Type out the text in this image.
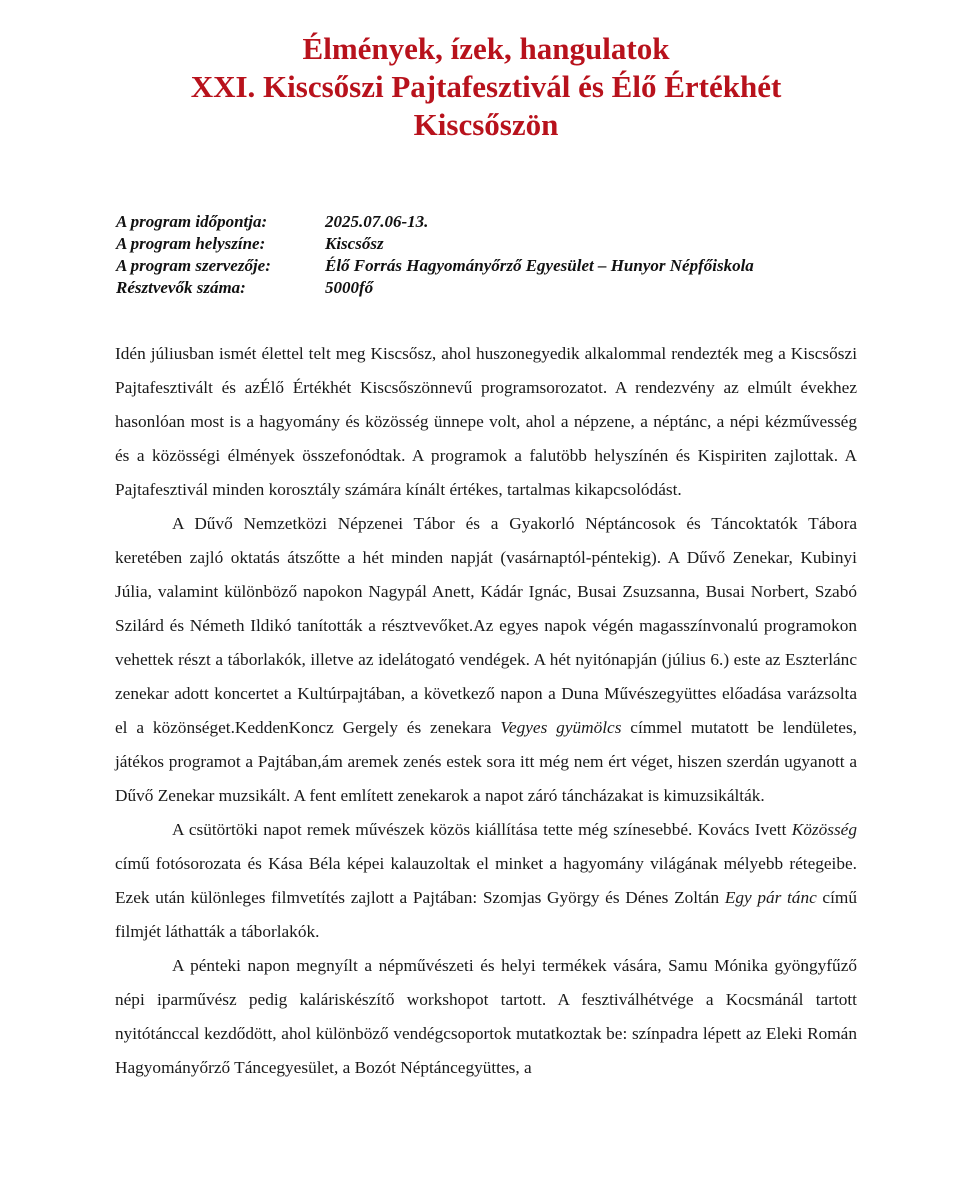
Élmények, ízek, hangulatok
XXI. Kiscsőszi Pajtafesztivál és Élő Értékhét
Kiscsőszön
A program időpontja:	2025.07.06-13.
A program helyszíne:	Kiscsősz
A program szervezője:	Élő Forrás Hagyományőrző Egyesület – Hunyor Népfőiskola
Résztvevők száma:	5000fő

Idén júliusban ismét élettel telt meg Kiscsősz, ahol huszonegyedik alkalommal rendezték meg a Kiscsőszi Pajtafesztivált és azÉlő Értékhét Kiscsőszönnevű programsorozatot. A rendezvény az elmúlt évekhez hasonlóan most is a hagyomány és közösség ünnepe volt, ahol a népzene, a néptánc, a népi kézművesség és a közösségi élmények összefonódtak. A programok a falutöbb helyszínén és Kispiriten zajlottak. A Pajtafesztivál minden korosztály számára kínált értékes, tartalmas kikapcsolódást.

A Dűvő Nemzetközi Népzenei Tábor és a Gyakorló Néptáncosok és Táncoktatók Tábora keretében zajló oktatás átszőtte a hét minden napját (vasárnaptól-péntekig). A Dűvő Zenekar, Kubinyi Júlia, valamint különböző napokon Nagypál Anett, Kádár Ignác, Busai Zsuzsanna, Busai Norbert, Szabó Szilárd és Németh Ildikó tanították a résztvevőket.Az egyes napok végén magasszínvonalú programokon vehettek részt a táborlakók, illetve az idelátogató vendégek. A hét nyitónapján (július 6.) este az Eszterlánc zenekar adott koncertet a Kultúrpajtában, a következő napon a Duna Művészegyüttes előadása varázsolta el a közönséget.KeddenKoncz Gergely és zenekara Vegyes gyümölcs címmel mutatott be lendületes, játékos programot a Pajtában,ám aremek zenés estek sora itt még nem ért véget, hiszen szerdán ugyanott a Dűvő Zenekar muzsikált. A fent említett zenekarok a napot záró táncházakat is kimuzsikálták.

A csütörtöki napot remek művészek közös kiállítása tette még színesebbé. Kovács Ivett Közösség című fotósorozata és Kása Béla képei kalauzoltak el minket a hagyomány világának mélyebb rétegeibe. Ezek után különleges filmvetítés zajlott a Pajtában: Szomjas György és Dénes Zoltán Egy pár tánc című filmjét láthatták a táborlakók.

A pénteki napon megnyílt a népművészeti és helyi termékek vására, Samu Mónika gyöngyfűző népi iparművész pedig kaláriskészítő workshopot tartott. A fesztiválhétvége a Kocsmánál tartott nyitótánccal kezdődött, ahol különböző vendégcsoportok mutatkoztak be: színpadra lépett az Eleki Román Hagyományőrző Táncegyesület, a Bozót Néptáncegyüttes, a
